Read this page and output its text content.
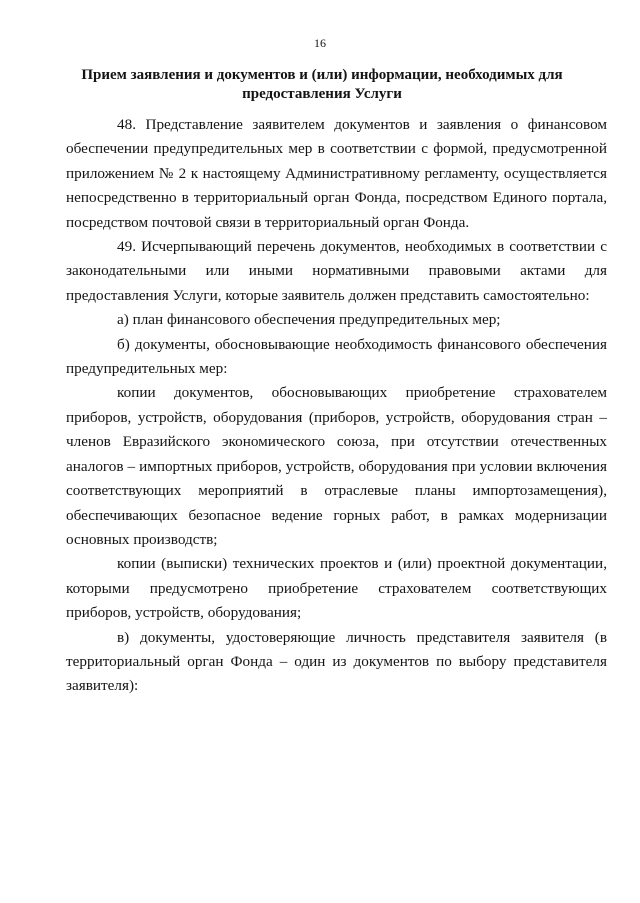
16
Прием заявления и документов и (или) информации, необходимых для
предоставления Услуги

48. Представление заявителем документов и заявления о финансовом обеспечении предупредительных мер в соответствии с формой, предусмотренной приложением № 2 к настоящему Административному регламенту, осуществляется непосредственно в территориальный орган Фонда, посредством Единого портала, посредством почтовой связи в территориальный орган Фонда.

49. Исчерпывающий перечень документов, необходимых в соответствии с законодательными или иными нормативными правовыми актами для предоставления Услуги, которые заявитель должен представить самостоятельно:

а) план финансового обеспечения предупредительных мер;

б) документы, обосновывающие необходимость финансового обеспечения предупредительных мер:

копии документов, обосновывающих приобретение страхователем приборов, устройств, оборудования (приборов, устройств, оборудования стран – членов Евразийского экономического союза, при отсутствии отечественных аналогов – импортных приборов, устройств, оборудования при условии включения соответствующих мероприятий в отраслевые планы импортозамещения), обеспечивающих безопасное ведение горных работ, в рамках модернизации основных производств;

копии (выписки) технических проектов и (или) проектной документации, которыми предусмотрено приобретение страхователем соответствующих приборов, устройств, оборудования;

в) документы, удостоверяющие личность представителя заявителя (в территориальный орган Фонда – один из документов по выбору представителя заявителя):
